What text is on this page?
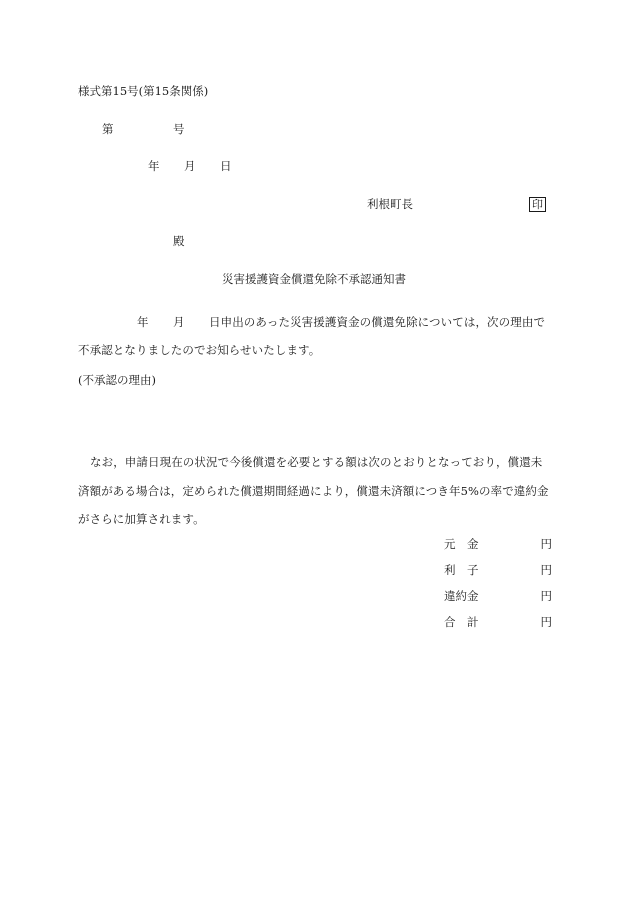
様式第15号(第15条関係)
第	号
年 月 日
利根町長	印
殿
災害援護資金償還免除不承認通知書
年 月 日申出のあった災害援護資金の償還免除については，次の理由で
不承認となりましたのでお知らせいたします。
(不承認の理由)
なお，申請日現在の状況で今後償還を必要とする額は次のとおりとなっており，償還未
済額がある場合は，定められた償還期間経過により，償還未済額につき年5%の率で違約金
がさらに加算されます。
元　金	円
利　子	円
違約金	円
合　計	円
